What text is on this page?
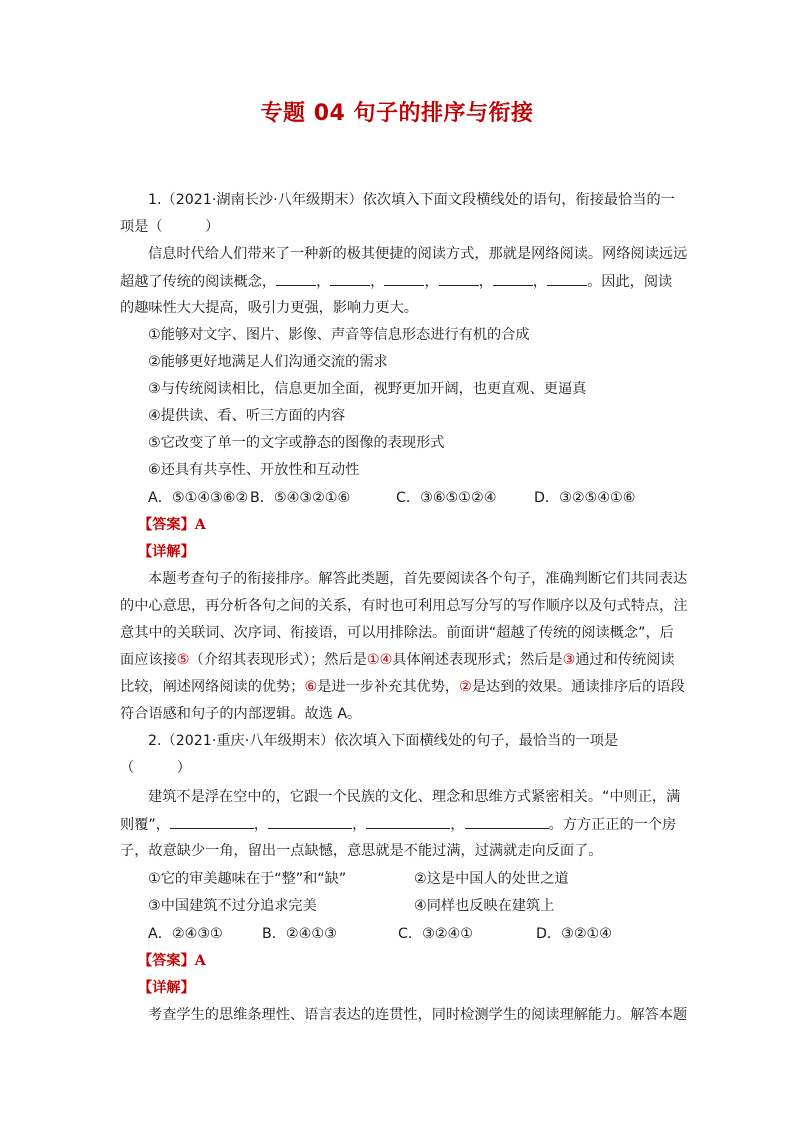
专题 04 句子的排序与衔接
1.（2021·湖南长沙·八年级期末）依次填入下面文段横线处的语句，衔接最恰当的一
项是（　　　）
信息时代给人们带来了一种新的极其便捷的阅读方式，那就是网络阅读。网络阅读远远
超越了传统的阅读概念，	，	，	，	，	，	。因此，阅读
的趣味性大大提高，吸引力更强，影响力更大。
①能够对文字、图片、影像、声音等信息形态进行有机的合成
②能够更好地满足人们沟通交流的需求
③与传统阅读相比，信息更加全面，视野更加开阔，也更直观、更逼真
④提供读、看、听三方面的内容
⑤它改变了单一的文字或静态的图像的表现形式
⑥还具有共享性、开放性和互动性
A．⑤①④③⑥② B．⑤④③②①⑥	C．③⑥⑤①②④	D．③②⑤④①⑥
【答案】A
【详解】
本题考查句子的衔接排序。解答此类题，首先要阅读各个句子，准确判断它们共同表达
的中心意思，再分析各句之间的关系，有时也可利用总写分写的写作顺序以及句式特点，注
意其中的关联词、次序词、衔接语，可以用排除法。前面讲“超越了传统的阅读概念”，后
面应该接⑤（介绍其表现形式）；然后是①④具体阐述表现形式；然后是③通过和传统阅读
比较，阐述网络阅读的优势；⑥是进一步补充其优势，②是达到的效果。通读排序后的语段
符合语感和句子的内部逻辑。故选 A。
2.（2021·重庆·八年级期末）依次填入下面横线处的句子，最恰当的一项是
（　　　）
建筑不是浮在空中的，它跟一个民族的文化、理念和思维方式紧密相关。“中则正，满
则覆”，	，	，	，	。方方正正的一个房
子，故意缺少一角，留出一点缺憾，意思就是不能过满，过满就走向反面了。
①它的审美趣味在于“整”和“缺”	②这是中国人的处世之道
③中国建筑不过分追求完美	④同样也反映在建筑上
A．②④③①	B．②④①③	C．③②④①	D．③②①④
【答案】A
【详解】
考查学生的思维条理性、语言表达的连贯性，同时检测学生的阅读理解能力。解答本题
